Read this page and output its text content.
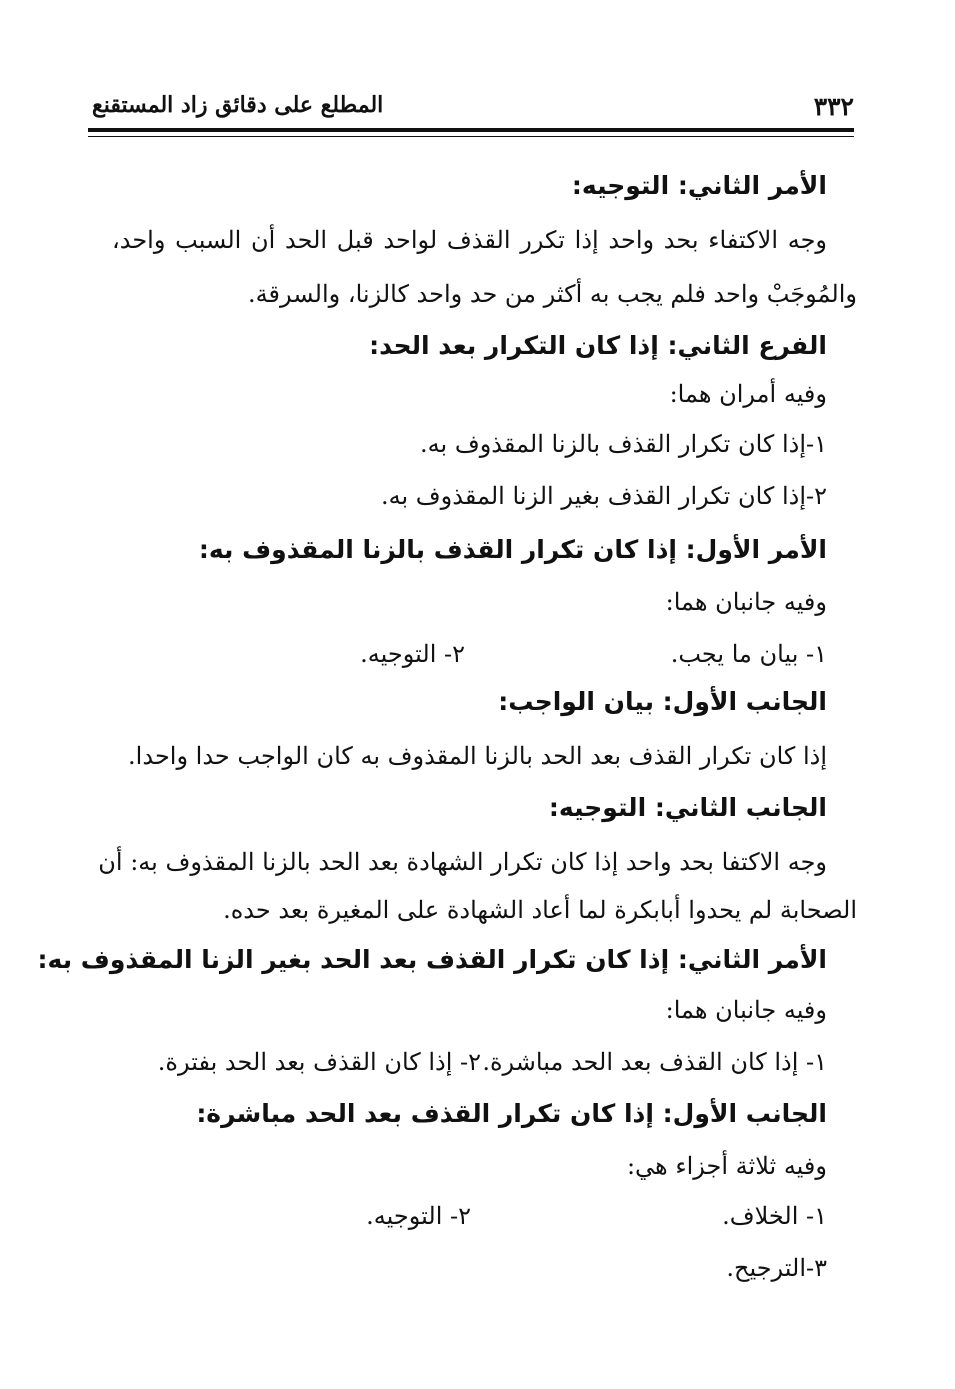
٣٣٢
المطلع على دقائق زاد المستقنع
الأمر الثاني: التوجيه:
وجه الاكتفاء بحد واحد إذا تكرر القذف لواحد قبل الحد أن السبب واحد،
والمُوجَبْ واحد فلم يجب به أكثر من حد واحد كالزنا، والسرقة.
الفرع الثاني: إذا كان التكرار بعد الحد:
وفيه أمران هما:
١-إذا كان تكرار القذف بالزنا المقذوف به.
٢-إذا كان تكرار القذف بغير الزنا المقذوف به.
الأمر الأول: إذا كان تكرار القذف بالزنا المقذوف به:
وفيه جانبان هما:
١- بيان ما يجب.
٢- التوجيه.
الجانب الأول: بيان الواجب:
إذا كان تكرار القذف بعد الحد بالزنا المقذوف به كان الواجب حدا واحدا.
الجانب الثاني: التوجيه:
وجه الاكتفا بحد واحد إذا كان تكرار الشهادة بعد الحد بالزنا المقذوف به: أن
الصحابة لم يحدوا أبابكرة لما أعاد الشهادة على المغيرة بعد حده.
الأمر الثاني: إذا كان تكرار القذف بعد الحد بغير الزنا المقذوف به:
وفيه جانبان هما:
١- إذا كان القذف بعد الحد مباشرة.
٢- إذا كان القذف بعد الحد بفترة.
الجانب الأول: إذا كان تكرار القذف بعد الحد مباشرة:
وفيه ثلاثة أجزاء هي:
١- الخلاف.
٢- التوجيه.
٣-الترجيح.
